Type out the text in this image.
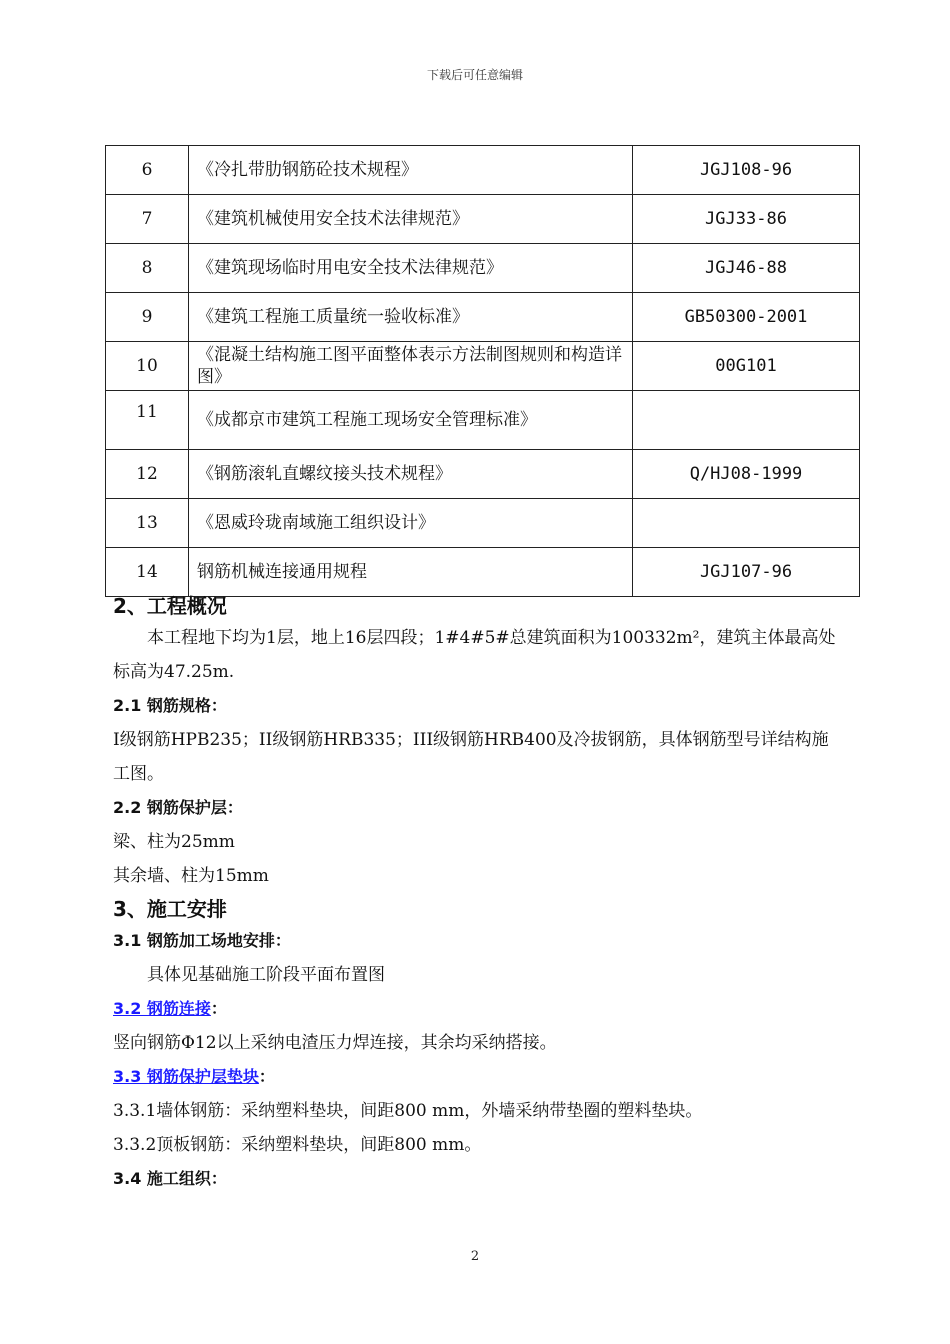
下载后可任意编辑
6	《冷扎带肋钢筋砼技术规程》	JGJ108-96
7	《建筑机械使用安全技术法律规范》	JGJ33-86
8	《建筑现场临时用电安全技术法律规范》	JGJ46-88
9	《建筑工程施工质量统一验收标准》	GB50300-2001
10	《混凝土结构施工图平面整体表示方法制图规则和构造详图》	00G101
11	《成都京市建筑工程施工现场安全管理标准》	
12	《钢筋滚轧直螺纹接头技术规程》	Q/HJ08-1999
13	《恩威玲珑南域施工组织设计》	
14	钢筋机械连接通用规程	JGJ107-96

2、工程概况

本工程地下均为1层，地上16层四段；1#4#5#总建筑面积为100332m²，建筑主体最高处标高为47.25m.

2.1 钢筋规格：

I级钢筋HPB235；II级钢筋HRB335；III级钢筋HRB400及冷拔钢筋，具体钢筋型号详结构施工图。

2.2 钢筋保护层：

梁、柱为25mm

其余墙、柱为15mm

3、施工安排

3.1 钢筋加工场地安排：

具体见基础施工阶段平面布置图

3.2 钢筋连接：

竖向钢筋Φ12以上采纳电渣压力焊连接，其余均采纳搭接。

3.3 钢筋保护层垫块：

3.3.1墙体钢筋：采纳塑料垫块，间距800 mm，外墙采纳带垫圈的塑料垫块。

3.3.2顶板钢筋：采纳塑料垫块，间距800 mm。

3.4 施工组织：

2
